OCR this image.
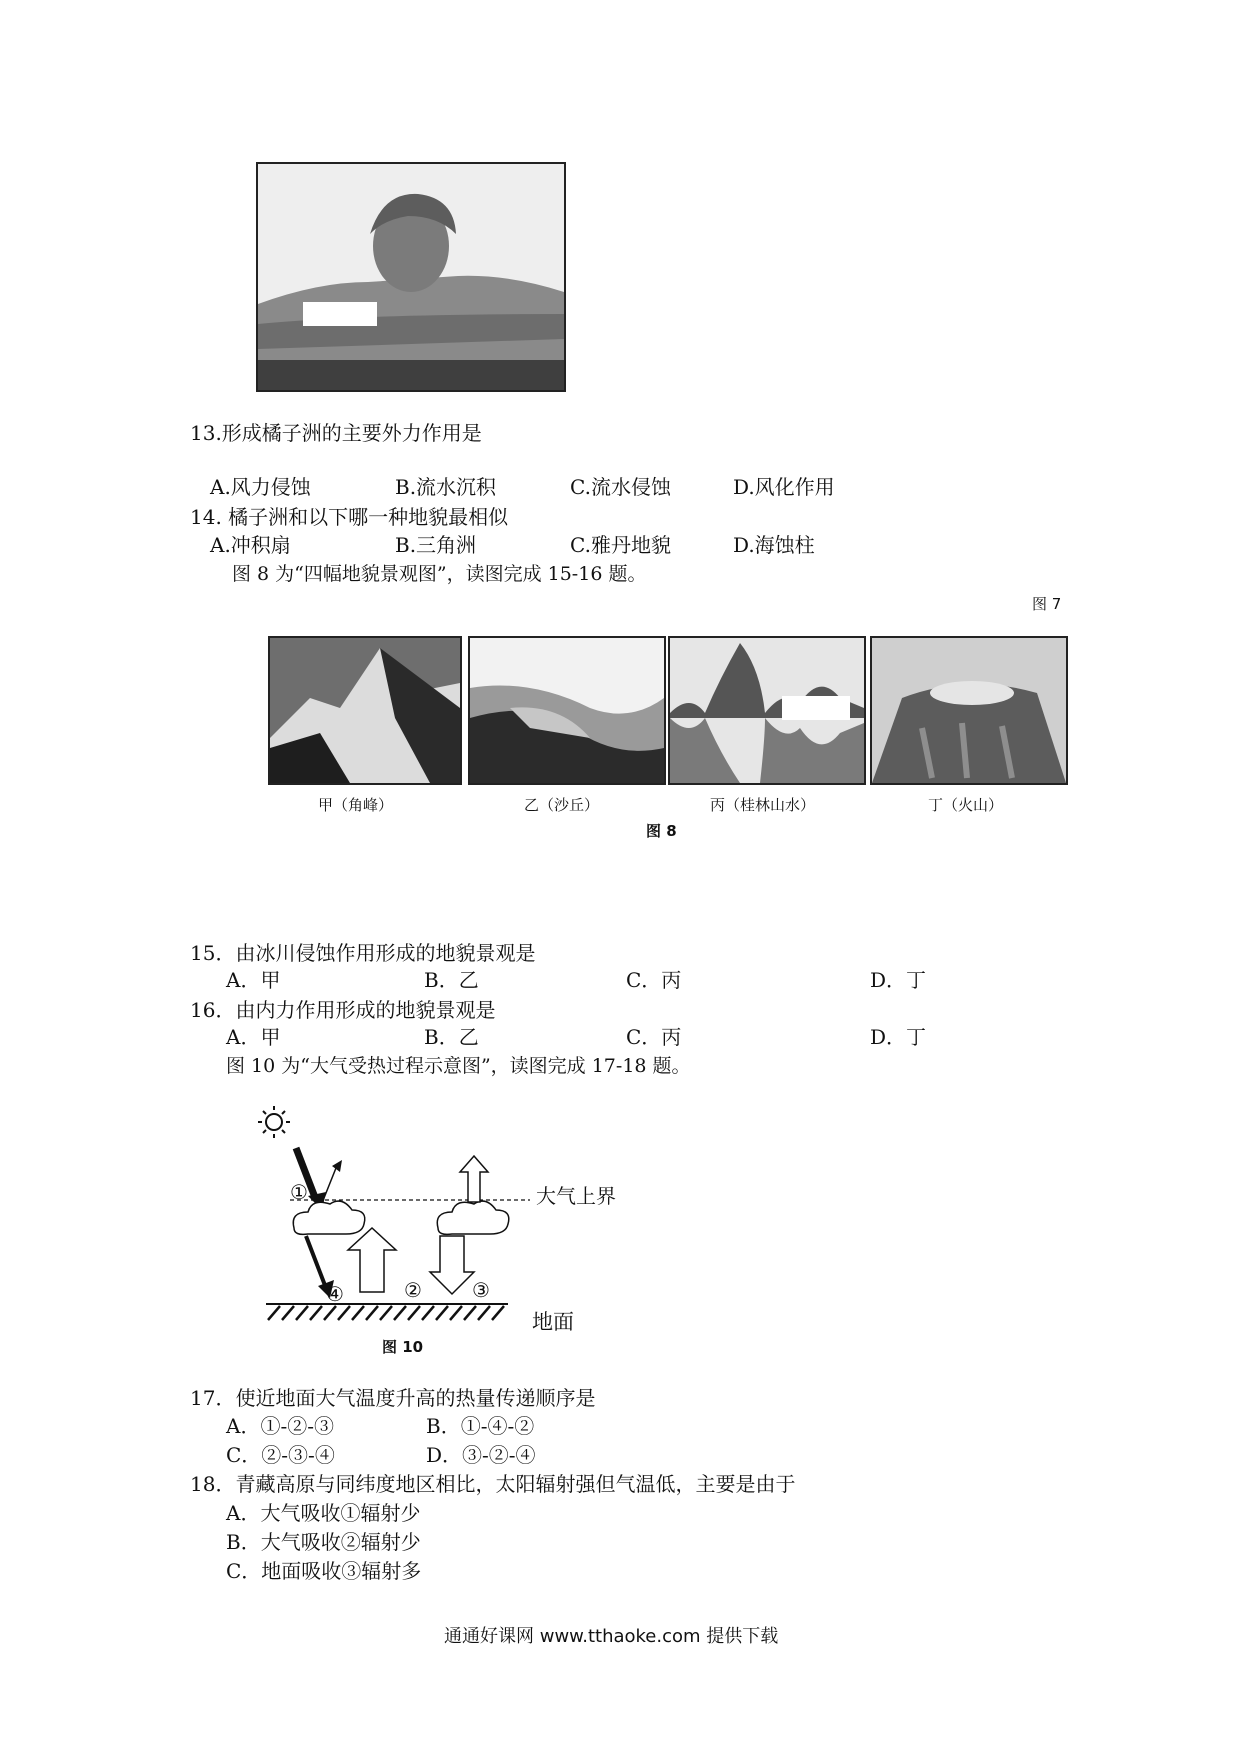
13.形成橘子洲的主要外力作用是
A.风力侵蚀	B.流水沉积	C.流水侵蚀	D.风化作用
14. 橘子洲和以下哪一种地貌最相似
A.冲积扇	B.三角洲	C.雅丹地貌	D.海蚀柱
图 8 为“四幅地貌景观图”，读图完成 15-16 题。
图 7
甲（角峰）	乙（沙丘）	丙（桂林山水）	丁（火山）
图 8
15．由冰川侵蚀作用形成的地貌景观是
A．甲	B．乙	C．丙	D．丁
16．由内力作用形成的地貌景观是
A．甲	B．乙	C．丙	D．丁
图 10 为“大气受热过程示意图”，读图完成 17-18 题。
①
④	②	③
大气上界
地面
图 10
17．使近地面大气温度升高的热量传递顺序是
A．①-②-③	B．①-④-②
C．②-③-④	D．③-②-④
18．青藏高原与同纬度地区相比，太阳辐射强但气温低，主要是由于
A．大气吸收①辐射少
B．大气吸收②辐射少
C．地面吸收③辐射多
通通好课网 www.tthaoke.com 提供下载
